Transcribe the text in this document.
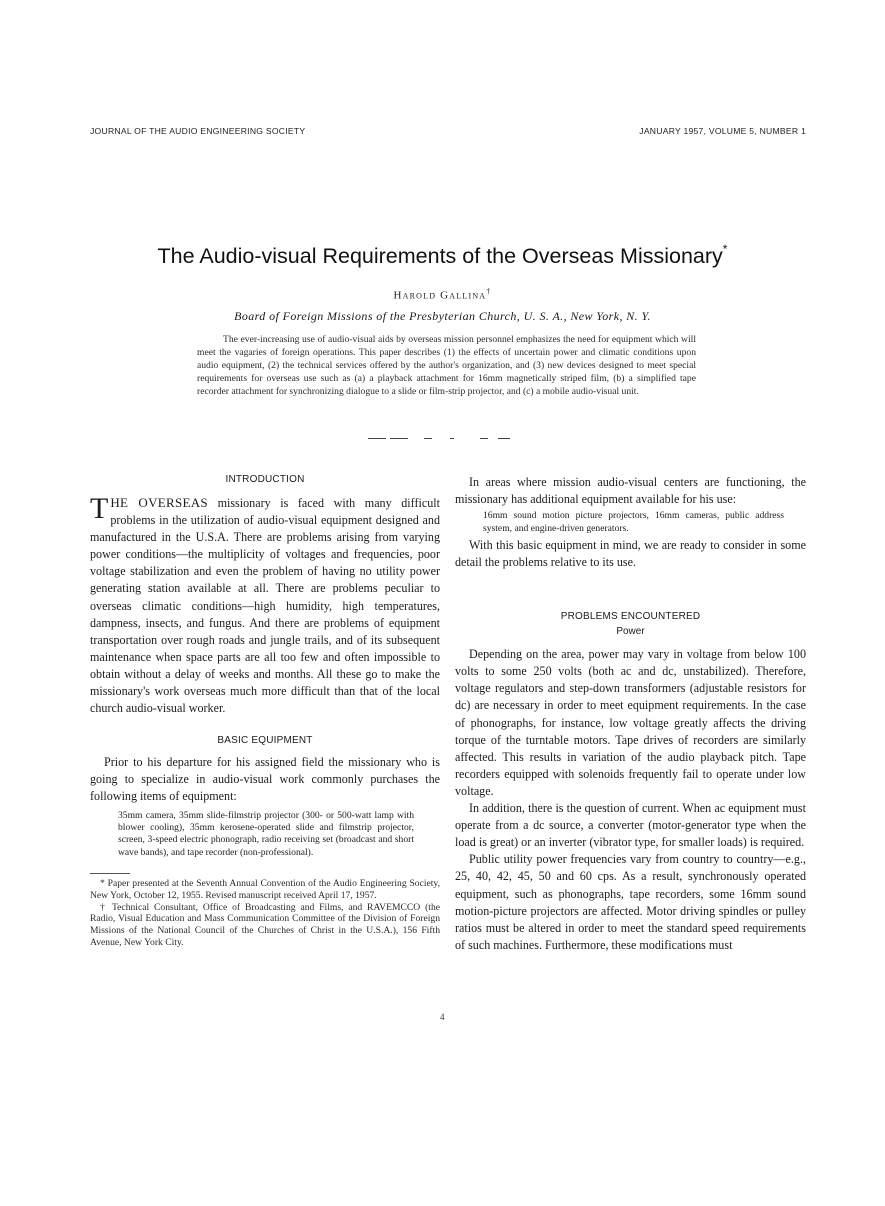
JOURNAL OF THE AUDIO ENGINEERING SOCIETY	JANUARY 1957, VOLUME 5, NUMBER 1
The Audio-visual Requirements of the Overseas Missionary*
Harold Gallina†
Board of Foreign Missions of the Presbyterian Church, U. S. A., New York, N. Y.

The ever-increasing use of audio-visual aids by overseas mission personnel emphasizes the need for equipment which will meet the vagaries of foreign operations. This paper describes (1) the effects of uncertain power and climatic conditions upon audio equipment, (2) the technical services offered by the author's organization, and (3) new devices designed to meet special requirements for overseas use such as (a) a playback attachment for 16mm magnetically striped film, (b) a simplified tape recorder attachment for synchronizing dialogue to a slide or film-strip projector, and (c) a mobile audio-visual unit.

INTRODUCTION

THE OVERSEAS missionary is faced with many difficult problems in the utilization of audio-visual equipment designed and manufactured in the U.S.A. There are problems arising from varying power conditions—the multiplicity of voltages and frequencies, poor voltage stabilization and even the problem of having no utility power generating station available at all. There are problems peculiar to overseas climatic conditions—high humidity, high temperatures, dampness, insects, and fungus. And there are problems of equipment transportation over rough roads and jungle trails, and of its subsequent maintenance when space parts are all too few and often impossible to obtain without a delay of weeks and months. All these go to make the missionary's work overseas much more difficult than that of the local church audio-visual worker.

BASIC EQUIPMENT

Prior to his departure for his assigned field the missionary who is going to specialize in audio-visual work commonly purchases the following items of equipment:

35mm camera, 35mm slide-filmstrip projector (300- or 500-watt lamp with blower cooling), 35mm kerosene-operated slide and filmstrip projector, screen, 3-speed electric phonograph, radio receiving set (broadcast and short wave bands), and tape recorder (non-professional).

* Paper presented at the Seventh Annual Convention of the Audio Engineering Society, New York, October 12, 1955. Revised manuscript received April 17, 1957.

† Technical Consultant, Office of Broadcasting and Films, and RAVEMCCO (the Radio, Visual Education and Mass Communication Committee of the Division of Foreign Missions of the National Council of the Churches of Christ in the U.S.A.), 156 Fifth Avenue, New York City.

In areas where mission audio-visual centers are functioning, the missionary has additional equipment available for his use:

16mm sound motion picture projectors, 16mm cameras, public address system, and engine-driven generators.

With this basic equipment in mind, we are ready to consider in some detail the problems relative to its use.

PROBLEMS ENCOUNTERED
Power

Depending on the area, power may vary in voltage from below 100 volts to some 250 volts (both ac and dc, unstabilized). Therefore, voltage regulators and step-down transformers (adjustable resistors for dc) are necessary in order to meet equipment requirements. In the case of phonographs, for instance, low voltage greatly affects the driving torque of the turntable motors. Tape drives of recorders are similarly affected. This results in variation of the audio playback pitch. Tape recorders equipped with solenoids frequently fail to operate under low voltage.

In addition, there is the question of current. When ac equipment must operate from a dc source, a converter (motor-generator type when the load is great) or an inverter (vibrator type, for smaller loads) is required.

Public utility power frequencies vary from country to country—e.g., 25, 40, 42, 45, 50 and 60 cps. As a result, synchronously operated equipment, such as phonographs, tape recorders, some 16mm sound motion-picture projectors are affected. Motor driving spindles or pulley ratios must be altered in order to meet the standard speed requirements of such machines. Furthermore, these modifications must

4
